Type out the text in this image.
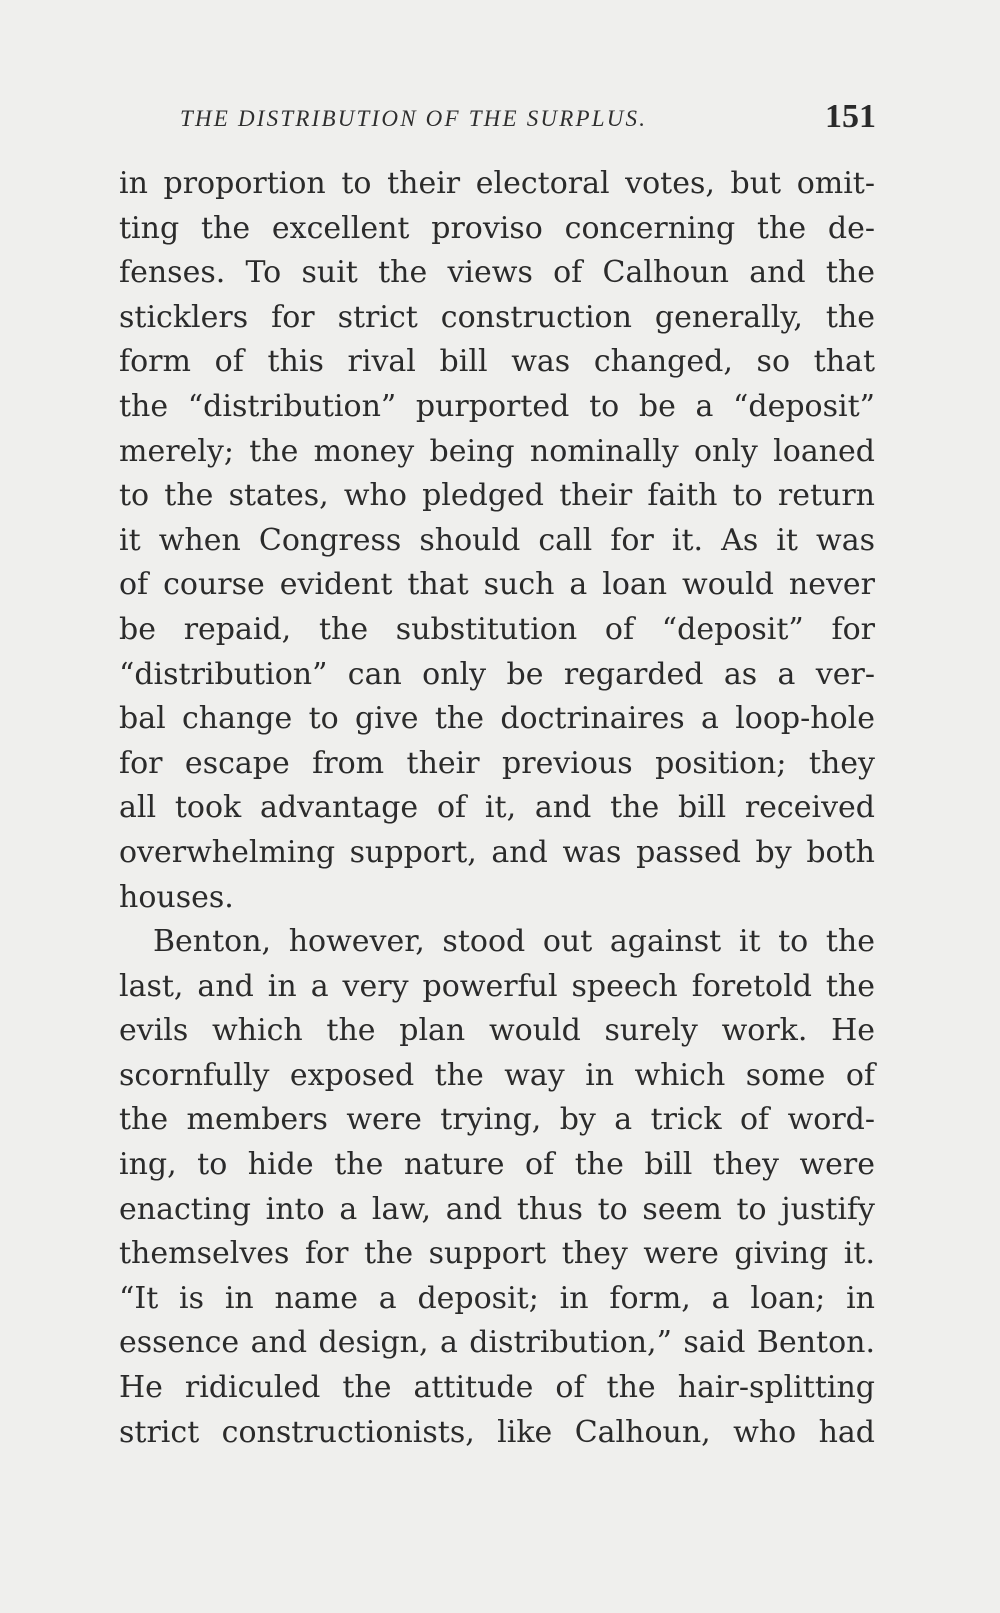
THE DISTRIBUTION OF THE SURPLUS.	151
in proportion to their electoral votes, but omit-
ting the excellent proviso concerning the de-
fenses. To suit the views of Calhoun and the
sticklers for strict construction generally, the
form of this rival bill was changed, so that
the “distribution” purported to be a “deposit”
merely; the money being nominally only loaned
to the states, who pledged their faith to return
it when Congress should call for it. As it was
of course evident that such a loan would never
be repaid, the substitution of “deposit” for
“distribution” can only be regarded as a ver-
bal change to give the doctrinaires a loop-hole
for escape from their previous position; they
all took advantage of it, and the bill received
overwhelming support, and was passed by both
houses.
Benton, however, stood out against it to the
last, and in a very powerful speech foretold the
evils which the plan would surely work. He
scornfully exposed the way in which some of
the members were trying, by a trick of word-
ing, to hide the nature of the bill they were
enacting into a law, and thus to seem to justify
themselves for the support they were giving it.
“It is in name a deposit; in form, a loan; in
essence and design, a distribution,” said Benton.
He ridiculed the attitude of the hair-splitting
strict constructionists, like Calhoun, who had
